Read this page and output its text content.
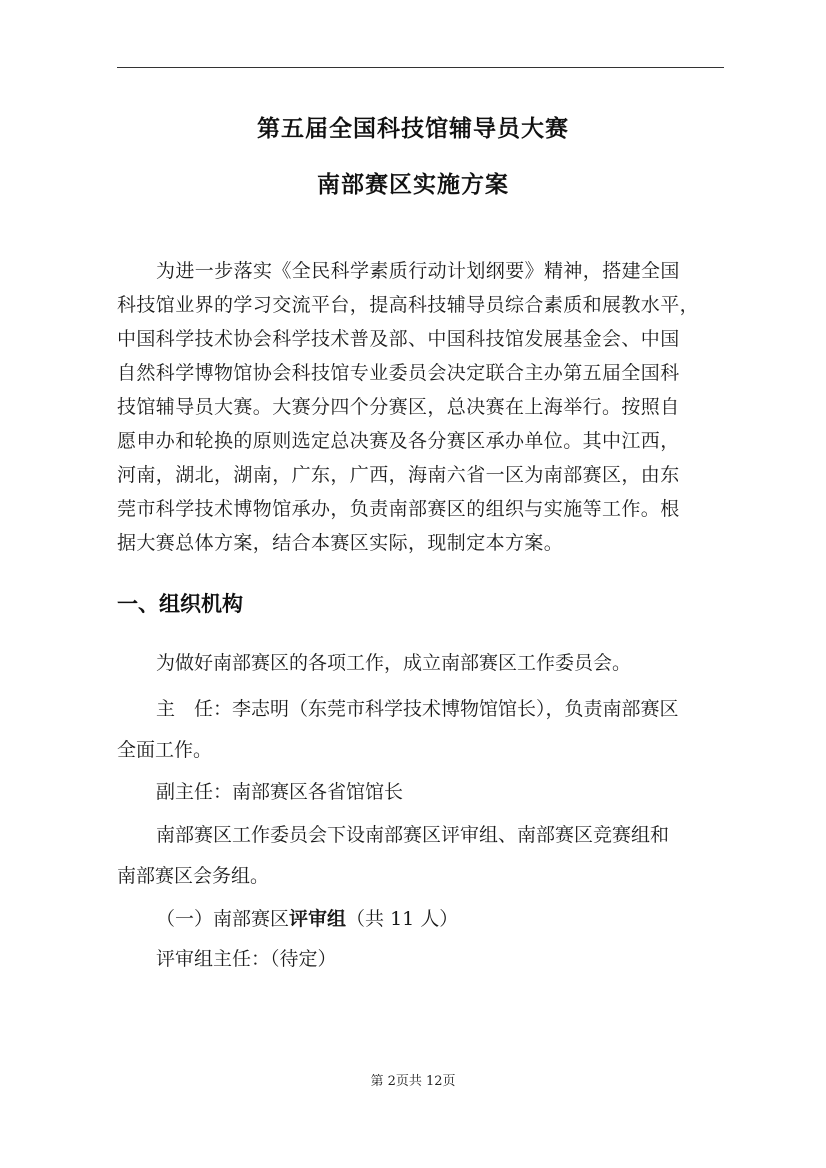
第五届全国科技馆辅导员大赛
南部赛区实施方案
为进一步落实《全民科学素质行动计划纲要》精神，搭建全国
科技馆业界的学习交流平台，提高科技辅导员综合素质和展教水平，
中国科学技术协会科学技术普及部、中国科技馆发展基金会、中国
自然科学博物馆协会科技馆专业委员会决定联合主办第五届全国科
技馆辅导员大赛。大赛分四个分赛区，总决赛在上海举行。按照自
愿申办和轮换的原则选定总决赛及各分赛区承办单位。其中江西，
河南，湖北，湖南，广东，广西，海南六省一区为南部赛区，由东
莞市科学技术博物馆承办，负责南部赛区的组织与实施等工作。根
据大赛总体方案，结合本赛区实际，现制定本方案。
一、组织机构
为做好南部赛区的各项工作，成立南部赛区工作委员会。
主　任：李志明（东莞市科学技术博物馆馆长），负责南部赛区
全面工作。
副主任：南部赛区各省馆馆长
南部赛区工作委员会下设南部赛区评审组、南部赛区竞赛组和
南部赛区会务组。
（一）南部赛区评审组（共 11 人）
评审组主任：（待定）
第 2页共 12页
